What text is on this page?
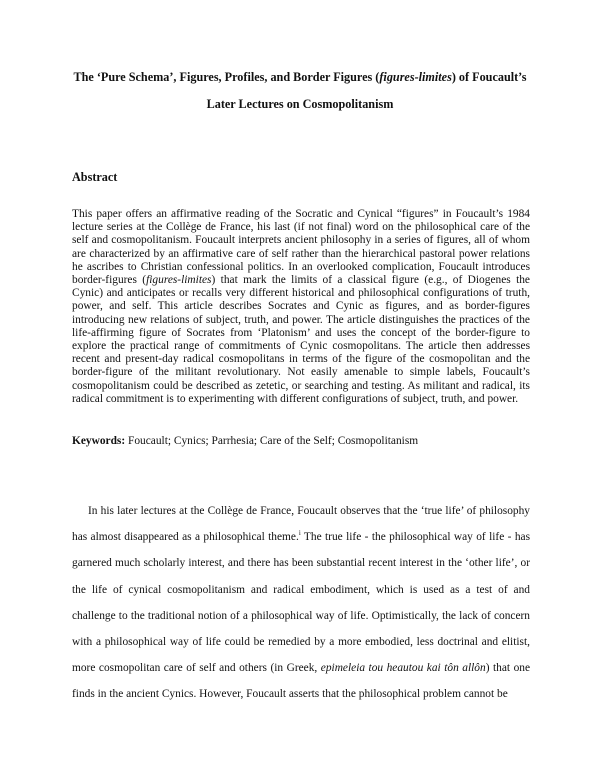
The ‘Pure Schema’, Figures, Profiles, and Border Figures (figures-limites) of Foucault’s
Later Lectures on Cosmopolitanism
Abstract

This paper offers an affirmative reading of the Socratic and Cynical “figures” in Foucault’s 1984 lecture series at the Collège de France, his last (if not final) word on the philosophical care of the self and cosmopolitanism. Foucault interprets ancient philosophy in a series of figures, all of whom are characterized by an affirmative care of self rather than the hierarchical pastoral power relations he ascribes to Christian confessional politics. In an overlooked complication, Foucault introduces border-figures (figures-limites) that mark the limits of a classical figure (e.g., of Diogenes the Cynic) and anticipates or recalls very different historical and philosophical configurations of truth, power, and self. This article describes Socrates and Cynic as figures, and as border-figures introducing new relations of subject, truth, and power. The article distinguishes the practices of the life-affirming figure of Socrates from ‘Platonism’ and uses the concept of the border-figure to explore the practical range of commitments of Cynic cosmopolitans. The article then addresses recent and present-day radical cosmopolitans in terms of the figure of the cosmopolitan and the border-figure of the militant revolutionary. Not easily amenable to simple labels, Foucault’s cosmopolitanism could be described as zetetic, or searching and testing. As militant and radical, its radical commitment is to experimenting with different configurations of subject, truth, and power.

Keywords: Foucault; Cynics; Parrhesia; Care of the Self; Cosmopolitanism

In his later lectures at the Collège de France, Foucault observes that the ‘true life’ of philosophy has almost disappeared as a philosophical theme.$^i$ The true life - the philosophical way of life - has garnered much scholarly interest, and there has been substantial recent interest in the ‘other life’, or the life of cynical cosmopolitanism and radical embodiment, which is used as a test of and challenge to the traditional notion of a philosophical way of life. Optimistically, the lack of concern with a philosophical way of life could be remedied by a more embodied, less doctrinal and elitist, more cosmopolitan care of self and others (in Greek, epimeleia tou heautou kai tôn allôn) that one finds in the ancient Cynics. However, Foucault asserts that the philosophical problem cannot be
